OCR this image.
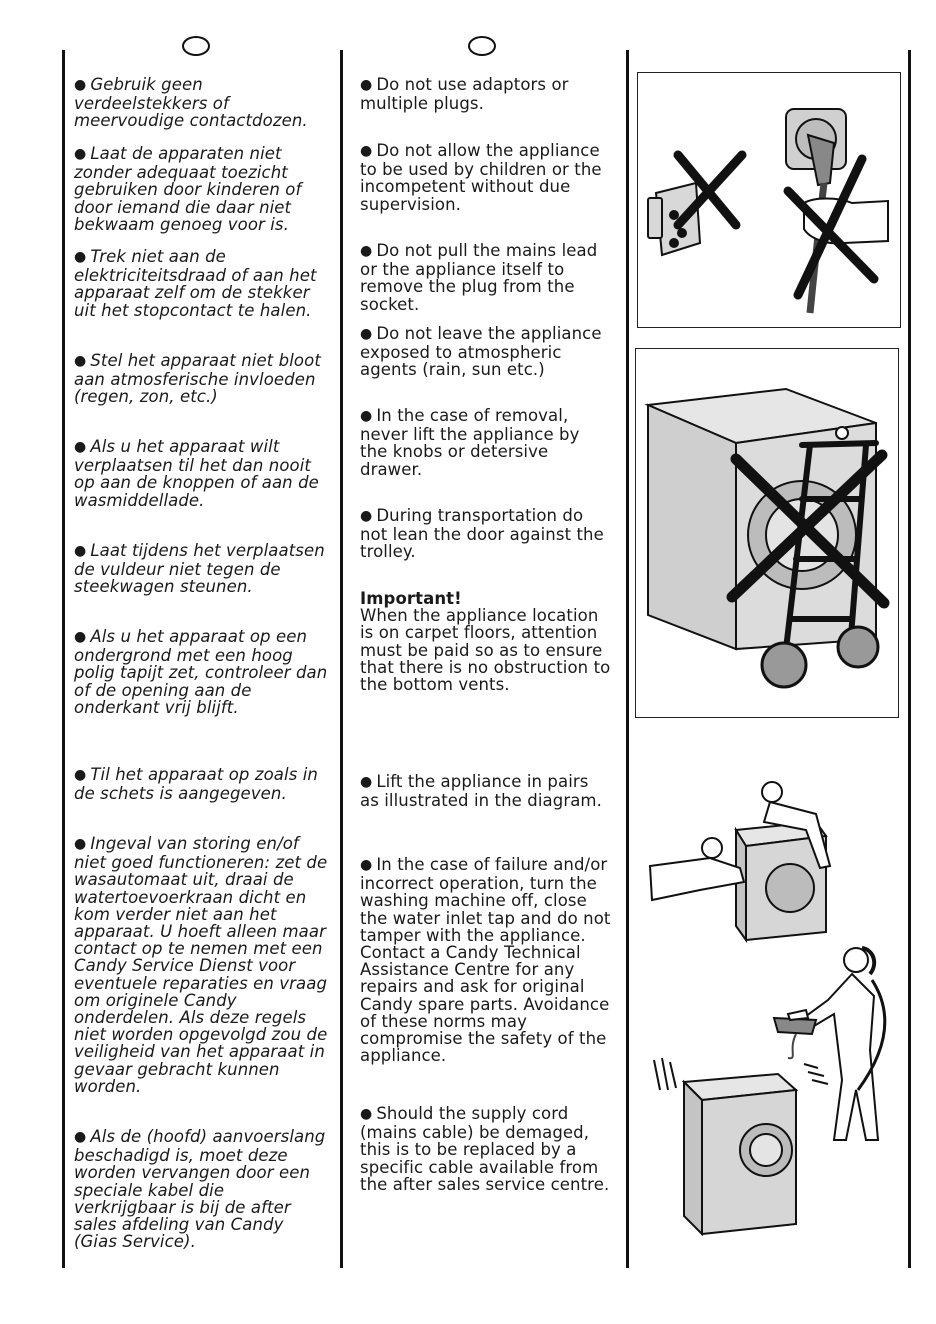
● Gebruik geen verdeelstekkers of meervoudige contactdozen.

● Laat de apparaten niet zonder adequaat toezicht gebruiken door kinderen of door iemand die daar niet bekwaam genoeg voor is.

● Trek niet aan de elektriciteitsdraad of aan het apparaat zelf om de stekker uit het stopcontact te halen.

● Stel het apparaat niet bloot aan atmosferische invloeden (regen, zon, etc.)

● Als u het apparaat wilt verplaatsen til het dan nooit op aan de knoppen of aan de wasmiddellade.

● Laat tijdens het verplaatsen de vuldeur niet tegen de steekwagen steunen.

● Als u het apparaat op een ondergrond met een hoog polig tapijt zet, controleer dan of de opening aan de onderkant vrij blijft.

● Til het apparaat op zoals in de schets is aangegeven.

● Ingeval van storing en/of niet goed functioneren: zet de wasautomaat uit, draai de watertoevoerkraan dicht en kom verder niet aan het apparaat. U hoeft alleen maar contact op te nemen met een Candy Service Dienst voor eventuele reparaties en vraag om originele Candy onderdelen. Als deze regels niet worden opgevolgd zou de veiligheid van het apparaat in gevaar gebracht kunnen worden.

● Als de (hoofd) aanvoerslang beschadigd is, moet deze worden vervangen door een speciale kabel die verkrijgbaar is bij de after sales afdeling van Candy (Gias Service).

● Do not use adaptors or multiple plugs.

● Do not allow the appliance to be used by children or the incompetent without due supervision.

● Do not pull the mains lead or the appliance itself to remove the plug from the socket.

● Do not leave the appliance exposed to atmospheric agents (rain, sun etc.)

● In the case of removal, never lift the appliance by the knobs or detersive drawer.

● During transportation do not lean the door against the trolley.

Important!
When the appliance location is on carpet floors, attention must be paid so as to ensure that there is no obstruction to the bottom vents.

● Lift the appliance in pairs as illustrated in the diagram.

● In the case of failure and/or incorrect operation, turn the washing machine off, close the water inlet tap and do not tamper with the appliance. Contact a Candy Technical Assistance Centre for any repairs and ask for original Candy spare parts. Avoidance of these norms may compromise the safety of the appliance.

● Should the supply cord (mains cable) be demaged, this is to be replaced by a specific cable available from the after sales service centre.
